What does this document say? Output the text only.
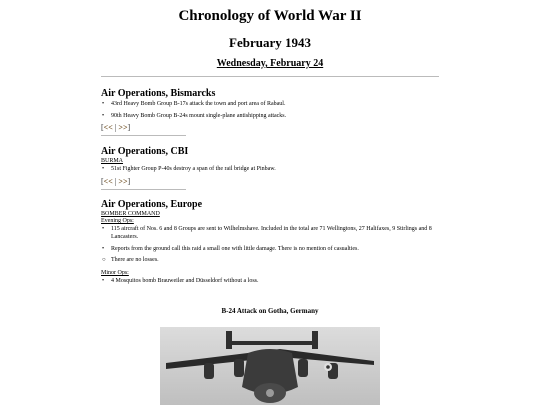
Chronology of World War II
February 1943
Wednesday, February 24
Air Operations, Bismarcks
• 43rd Heavy Bomb Group B-17s attack the town and port area of Rabaul.
• 90th Heavy Bomb Group B-24s mount single-plane antishipping attacks.
[<< | >>]
Air Operations, CBI
BURMA
• 51st Fighter Group P-40s destroy a span of the rail bridge at Pinbaw.
[<< | >>]
Air Operations, Europe
BOMBER COMMAND
Evening Ops:
• 115 aircraft of Nos. 6 and 8 Groups are sent to Wilhelmshave. Included in the total are 71 Wellingtons, 27 Halifaxes, 9 Stirlings and 8 Lancasters.
• Reports from the ground call this raid a small one with little damage. There is no mention of casualties.
○ There are no losses.
Minor Ops:
• 4 Mosquitos bomb Brauweiler and Düsseldorf without a loss.
B-24 Attack on Gotha, Germany
